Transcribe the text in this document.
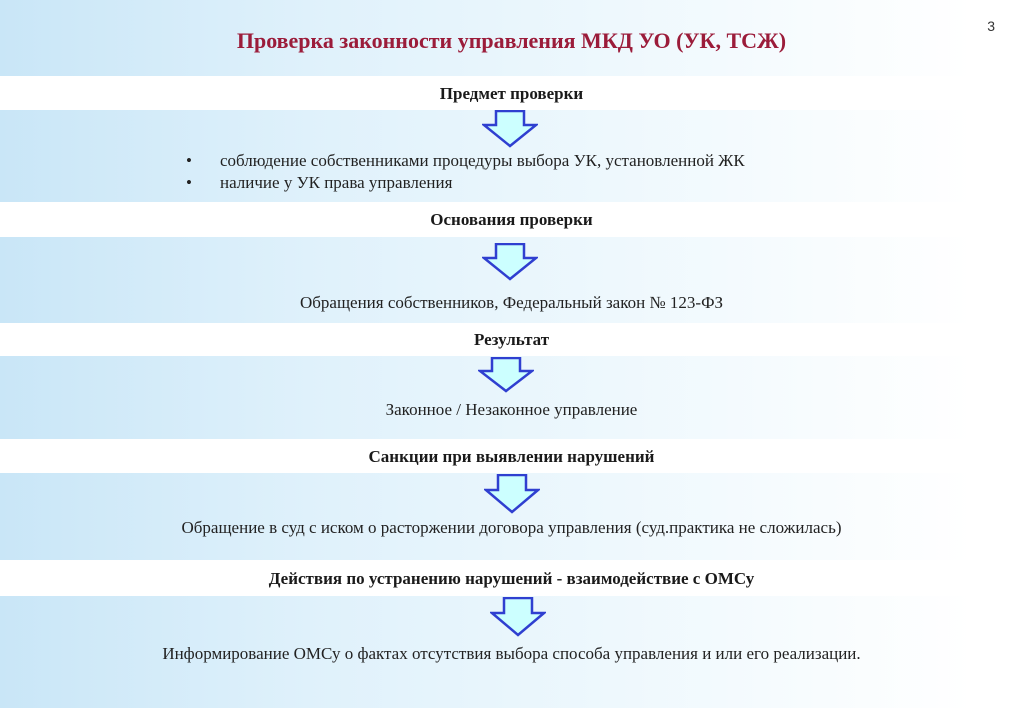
3
Проверка законности управления МКД УО (УК, ТСЖ)
Предмет проверки
• соблюдение собственниками процедуры выбора УК, установленной ЖК
• наличие у УК права управления
Основания проверки
Обращения собственников, Федеральный закон № 123-ФЗ
Результат
Законное / Незаконное управление
Санкции при выявлении нарушений
Обращение в суд с иском о расторжении договора управления (суд.практика не сложилась)
Действия по устранению нарушений - взаимодействие с ОМСу
Информирование ОМСу о фактах отсутствия выбора способа управления и или его реализации.
